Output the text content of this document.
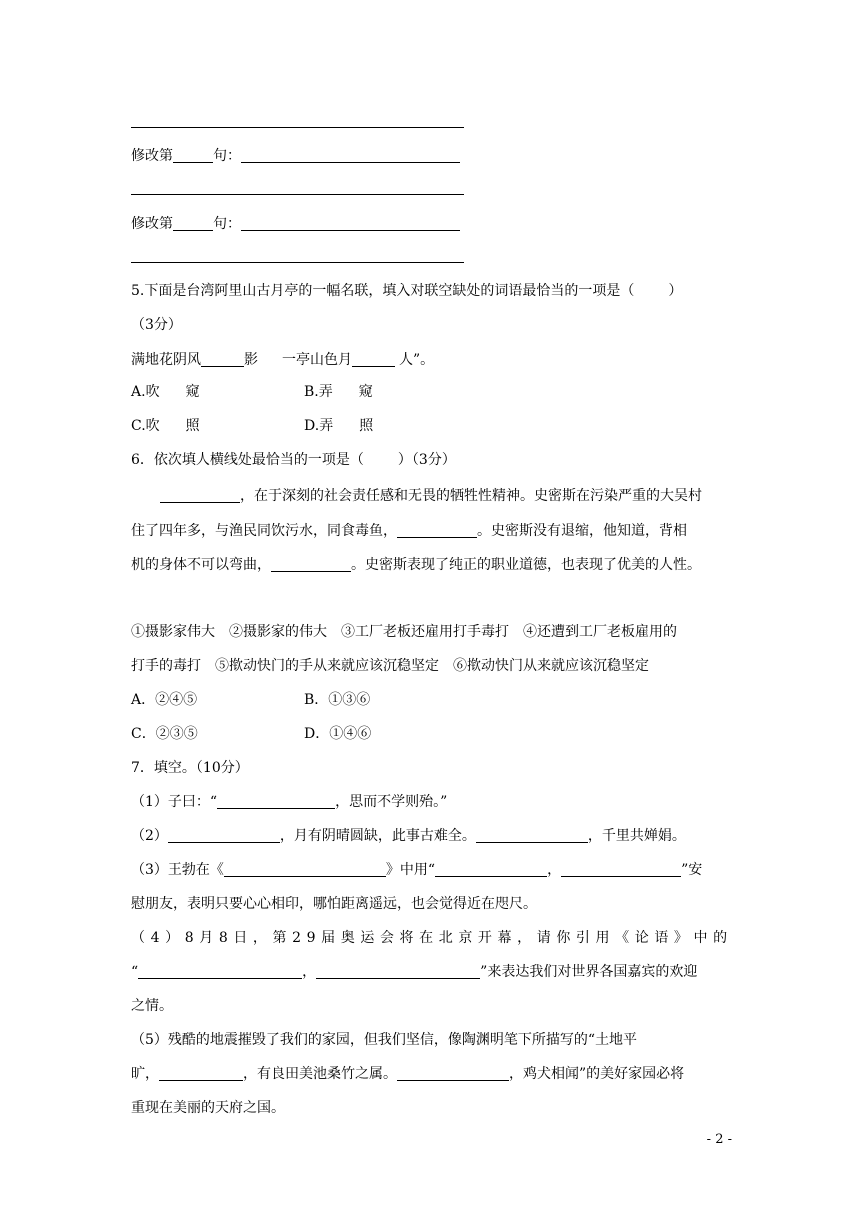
修改第	句：
修改第	句：
5.下面是台湾阿里山古月亭的一幅名联，填入对联空缺处的词语最恰当的一项是（ ）
（3分）
满地花阴风	影 一亭山色月	人”。
A.吹 窥	B.弄 窥
C.吹 照	D.弄 照
6．依次填人横线处最恰当的一项是（ ）（3分）
，在于深刻的社会责任感和无畏的牺牲性精神。史密斯在污染严重的大吴村
住了四年多，与渔民同饮污水，同食毒鱼，	。史密斯没有退缩，他知道，背相
机的身体不可以弯曲，	。史密斯表现了纯正的职业道德，也表现了优美的人性。
①摄影家伟大　②摄影家的伟大　③工厂老板还雇用打手毒打　④还遭到工厂老板雇用的
打手的毒打　⑤揿动快门的手从来就应该沉稳坚定　⑥揿动快门从来就应该沉稳坚定
A．②④⑤	B．①③⑥
C．②③⑤	D．①④⑥
7．填空。（10分）
（1）子曰：“	，思而不学则殆。”
（2）	，月有阴晴圆缺，此事古难全。	，千里共婵娟。
（3）王勃在《	》中用“	，	”安
慰朋友，表明只要心心相印，哪怕距离遥远，也会觉得近在咫尺。
（4）8月8日，第29届奥运会将在北京开幕，请你引用《论语》中的
“	，	”来表达我们对世界各国嘉宾的欢迎
之情。
（5）残酷的地震摧毁了我们的家园，但我们坚信，像陶渊明笔下所描写的“土地平
旷，	，有良田美池桑竹之属。	，鸡犬相闻”的美好家园必将
重现在美丽的天府之国。
- 2 -
